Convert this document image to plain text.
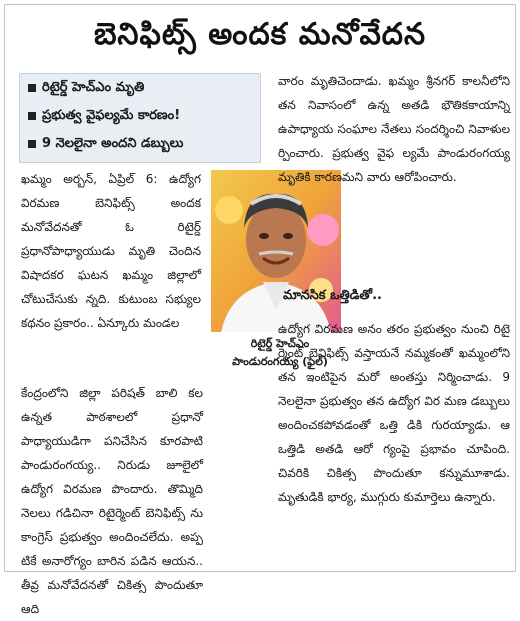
బెనిఫిట్స్ అందక మనోవేదన
రిటైర్డ్ హెచ్ఎం మృతి
ప్రభుత్వ వైఫల్యమే కారణం!
9 నెలలైనా అందని డబ్బులు
ఖమ్మం అర్బన్, ఏప్రిల్ 6: ఉద్యోగ విరమణ బెనిఫిట్స్ అందక మనోవేదనతో ఓ రిటైర్డ్ ప్రధానోపాధ్యాయుడు మృతి చెందిన విషాదకర ఘటన ఖమ్మం జిల్లాలో చోటుచేసుకు న్నది. కుటుంబ సభ్యుల కథనం ప్రకారం.. ఏన్కూరు మండల
రిటైర్డ్ హెచ్ఎం
పాండురంగయ్య (ఫైల్)
కేంద్రంలోని జిల్లా పరిషత్ బాలి కల ఉన్నత పాఠశాలలో ప్రధానో పాధ్యాయుడిగా పనిచేసిన కూరపాటి పాండురంగయ్య.. నిరుడు జూలైలో ఉద్యోగ విరమణ పొందారు. తొమ్మిది నెలలు గడిచినా రిటైర్మెంట్ బెనిఫిట్స్ ను కాంగ్రెస్ ప్రభుత్వం అందించలేదు. అప్ప టికే అనారోగ్యం బారిన పడిన ఆయన.. తీవ్ర మనోవేదనతో చికిత్స పొందుతూ ఆది
వారం మృతిచెందాడు. ఖమ్మం శ్రీనగర్ కాలనీలోని తన నివాసంలో ఉన్న అతడి భౌతికకాయాన్ని ఉపాధ్యాయ సంఘాల నేతలు సందర్శించి నివాళుల ర్పించారు. ప్రభుత్వ వైఫ ల్యమే పాండురంగయ్య మృతికి కారణమని వారు ఆరోపించారు.
మానసిక ఒత్తిడితో..
ఉద్యోగ విరమణ అనం తరం ప్రభుత్వం నుంచి రిటై ర్మెంట్ బెనిఫిట్స్ వస్తాయనే నమ్మకంతో ఖమ్మంలోని తన ఇంటిపైన మరో అంతస్తు నిర్మించాడు. 9 నెలలైనా ప్రభుత్వం తన ఉద్యోగ విర మణ డబ్బులు అందించకపోవడంతో ఒత్తి డికి గురయ్యాడు. ఆ ఒత్తిడి అతడి ఆరో గ్యంపై ప్రభావం చూపింది. చివరికి చికిత్స పొందుతూ కన్నుమూశాడు. మృతుడికి భార్య, ముగ్గురు కుమార్తెలు ఉన్నారు.
